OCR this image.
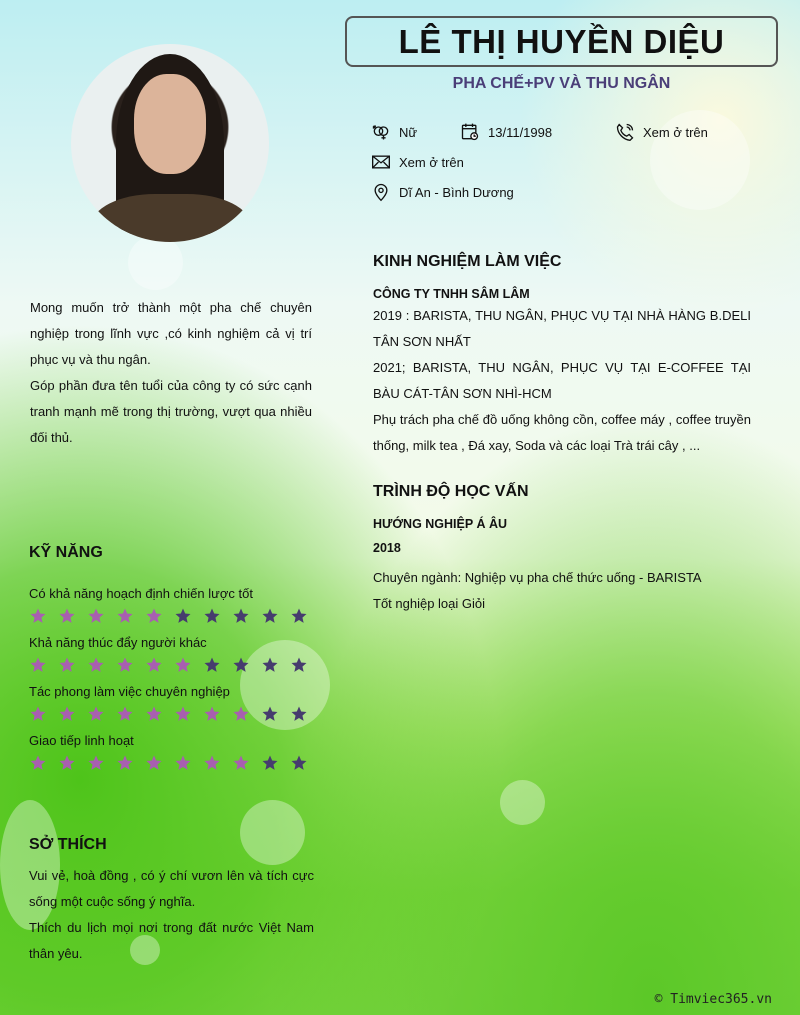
LÊ THỊ HUYỀN DIỆU
PHA CHẾ+PV VÀ THU NGÂN
Nữ	13/11/1998	Xem ở trên
Xem ở trên
Dĩ An - Bình Dương

Mong muốn trở thành một pha chế chuyên nghiệp trong lĩnh vực ,có kinh nghiệm cả vị trí phục vụ và thu ngân.

Góp phần đưa tên tuổi của công ty có sức cạnh tranh mạnh mẽ trong thị trường, vượt qua nhiều đối thủ.

KỸ NĂNG
Có khả năng hoạch định chiến lược tốt
Khả năng thúc đẩy người khác
Tác phong làm việc chuyên nghiệp
Giao tiếp linh hoạt
SỞ THÍCH

Vui vẻ, hoà đồng , có ý chí vươn lên và tích cực sống một cuộc sống ý nghĩa.

Thích du lịch mọi nơi trong đất nước Việt Nam thân yêu.

KINH NGHIỆM LÀM VIỆC
CÔNG TY TNHH SÂM LÂM

2019 : BARISTA, THU NGÂN, PHỤC VỤ TẠI NHÀ HÀNG B.DELI TÂN SƠN NHẤT

2021; BARISTA, THU NGÂN, PHỤC VỤ TẠI E-COFFEE TẠI BÀU CÁT-TÂN SƠN NHÌ-HCM

Phụ trách pha chế đồ uống không cồn, coffee máy , coffee truyền thống, milk tea , Đá xay, Soda và các loại Trà trái cây , ...

TRÌNH ĐỘ HỌC VẤN
HƯỚNG NGHIỆP Á ÂU
2018

Chuyên ngành: Nghiệp vụ pha chế thức uống - BARISTA

Tốt nghiệp loại Giỏi

© Timviec365.vn
